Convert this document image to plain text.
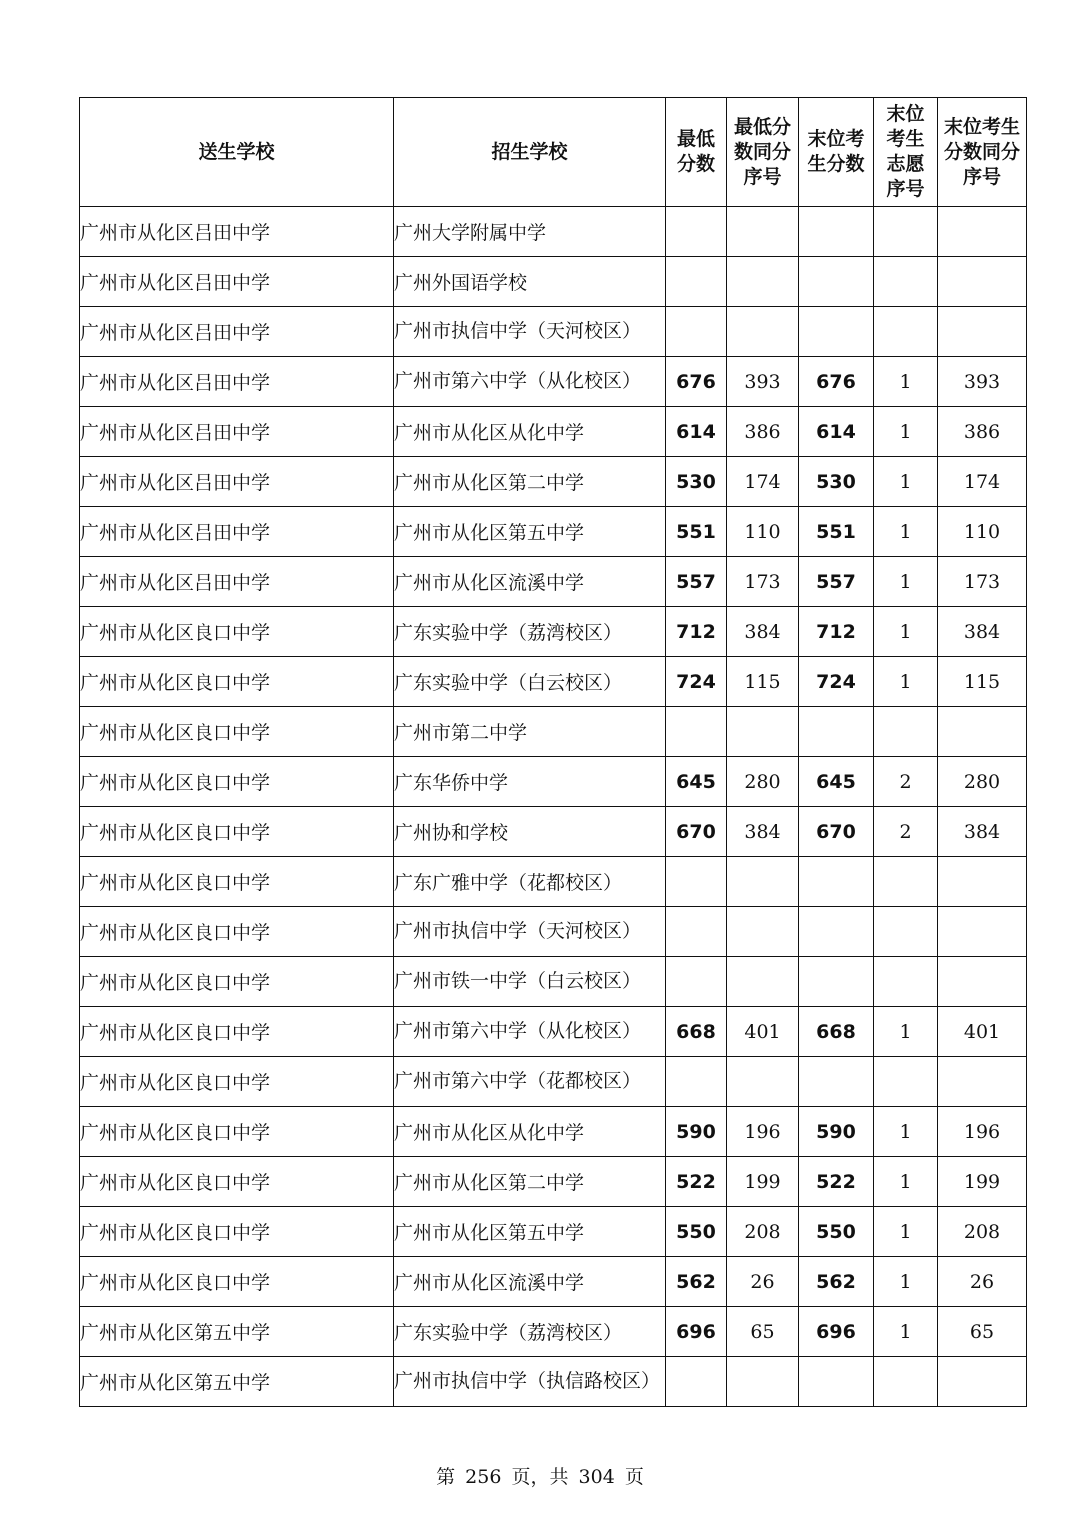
送生学校	招生学校	最低分数	最低分数同分序号	末位考生分数	末位考生志愿序号	末位考生分数同分序号
广州市从化区吕田中学	广州大学附属中学					
广州市从化区吕田中学	广州外国语学校					
广州市从化区吕田中学	广州市执信中学（天河校区）					
广州市从化区吕田中学	广州市第六中学（从化校区）	676	393	676	1	393
广州市从化区吕田中学	广州市从化区从化中学	614	386	614	1	386
广州市从化区吕田中学	广州市从化区第二中学	530	174	530	1	174
广州市从化区吕田中学	广州市从化区第五中学	551	110	551	1	110
广州市从化区吕田中学	广州市从化区流溪中学	557	173	557	1	173
广州市从化区良口中学	广东实验中学（荔湾校区）	712	384	712	1	384
广州市从化区良口中学	广东实验中学（白云校区）	724	115	724	1	115
广州市从化区良口中学	广州市第二中学					
广州市从化区良口中学	广东华侨中学	645	280	645	2	280
广州市从化区良口中学	广州协和学校	670	384	670	2	384
广州市从化区良口中学	广东广雅中学（花都校区）					
广州市从化区良口中学	广州市执信中学（天河校区）					
广州市从化区良口中学	广州市铁一中学（白云校区）					
广州市从化区良口中学	广州市第六中学（从化校区）	668	401	668	1	401
广州市从化区良口中学	广州市第六中学（花都校区）					
广州市从化区良口中学	广州市从化区从化中学	590	196	590	1	196
广州市从化区良口中学	广州市从化区第二中学	522	199	522	1	199
广州市从化区良口中学	广州市从化区第五中学	550	208	550	1	208
广州市从化区良口中学	广州市从化区流溪中学	562	26	562	1	26
广州市从化区第五中学	广东实验中学（荔湾校区）	696	65	696	1	65
广州市从化区第五中学	广州市执信中学（执信路校区）					
第 256 页，共 304 页
